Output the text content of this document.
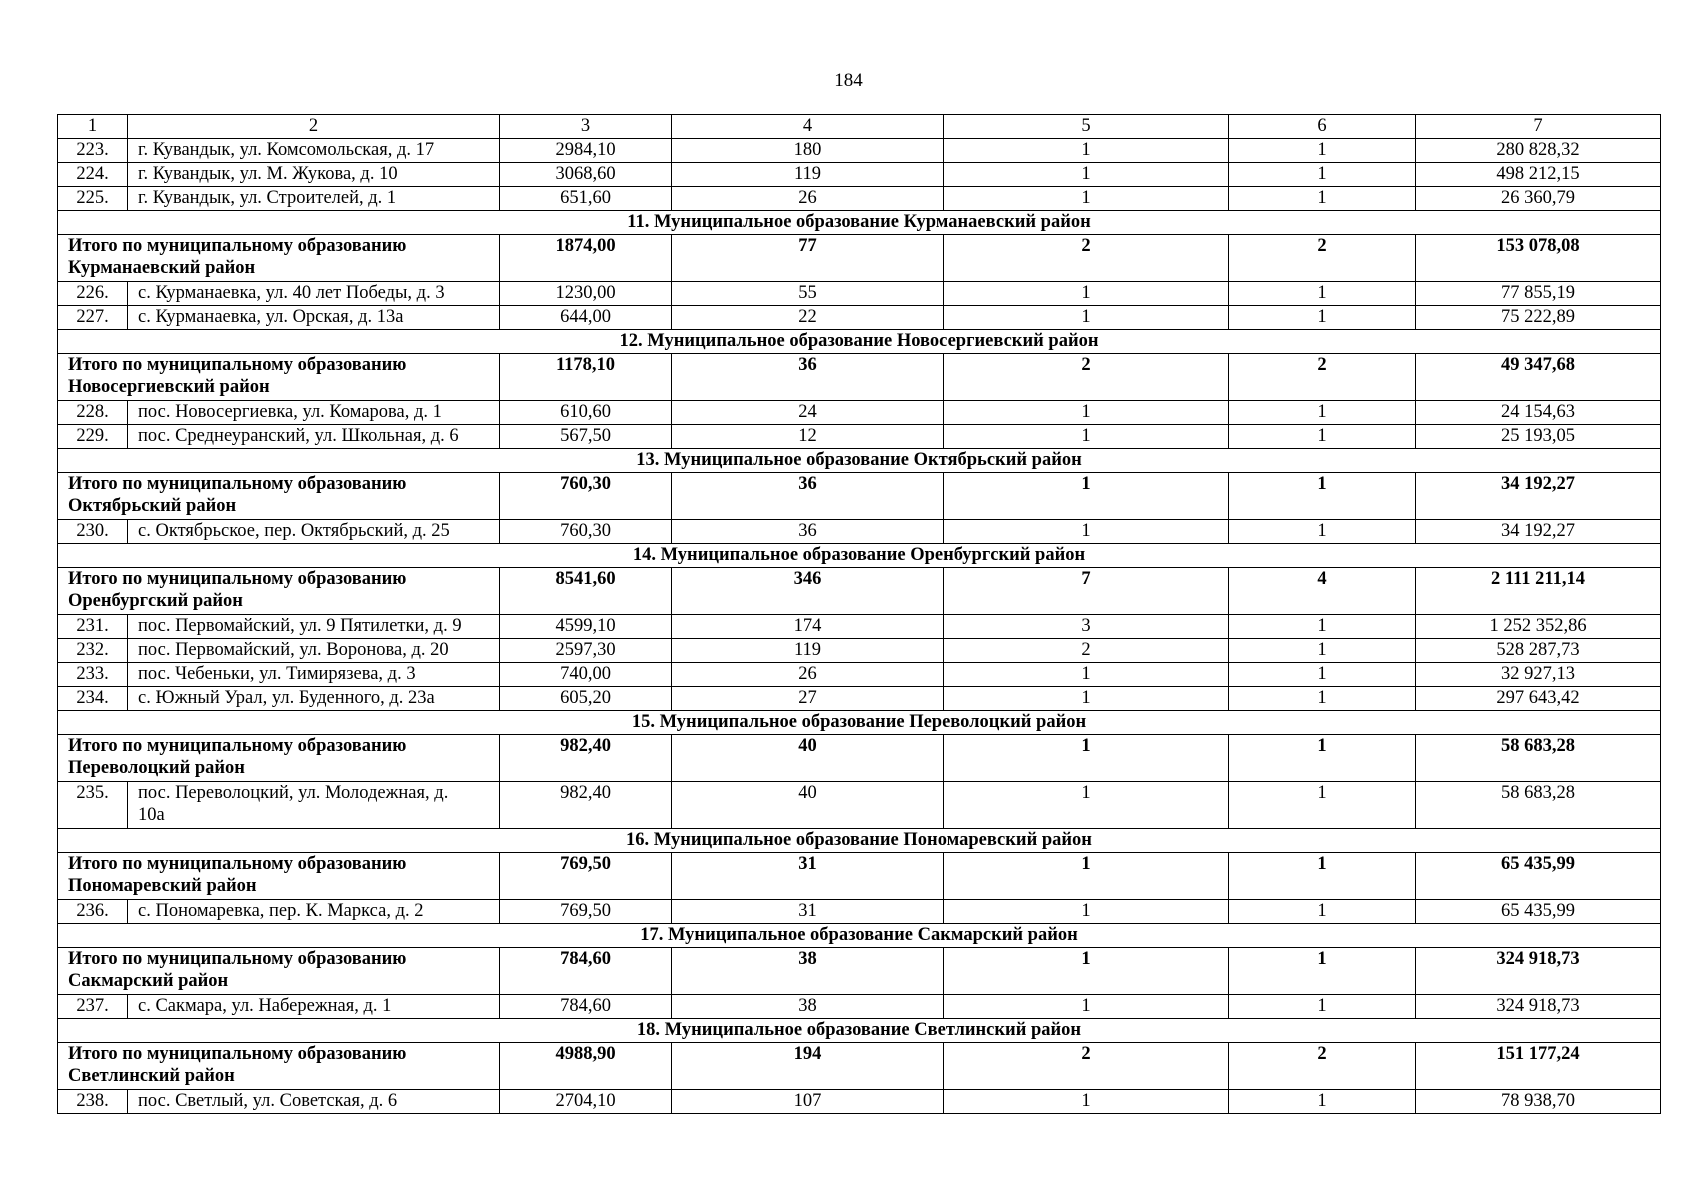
184
1	2	3	4	5	6	7
223.	г. Кувандык, ул. Комсомольская, д. 17	2984,10	180	1	1	280 828,32
224.	г. Кувандык, ул. М. Жукова, д. 10	3068,60	119	1	1	498 212,15
225.	г. Кувандык, ул. Строителей, д. 1	651,60	26	1	1	26 360,79
11. Муниципальное образование Курманаевский район						
Итого по муниципальному образованию Курманаевский район		1874,00	77	2	2	153 078,08
226.	с. Курманаевка, ул. 40 лет Победы, д. 3	1230,00	55	1	1	77 855,19
227.	с. Курманаевка, ул. Орская, д. 13а	644,00	22	1	1	75 222,89
12. Муниципальное образование Новосергиевский район						
Итого по муниципальному образованию Новосергиевский район		1178,10	36	2	2	49 347,68
228.	пос. Новосергиевка, ул. Комарова, д. 1	610,60	24	1	1	24 154,63
229.	пос. Среднеуранский, ул. Школьная, д. 6	567,50	12	1	1	25 193,05
13. Муниципальное образование Октябрьский район						
Итого по муниципальному образованию Октябрьский район		760,30	36	1	1	34 192,27
230.	с. Октябрьское, пер. Октябрьский, д. 25	760,30	36	1	1	34 192,27
14. Муниципальное образование Оренбургский район						
Итого по муниципальному образованию Оренбургский район		8541,60	346	7	4	2 111 211,14
231.	пос. Первомайский, ул. 9 Пятилетки, д. 9	4599,10	174	3	1	1 252 352,86
232.	пос. Первомайский, ул. Воронова, д. 20	2597,30	119	2	1	528 287,73
233.	пос. Чебеньки, ул. Тимирязева, д. 3	740,00	26	1	1	32 927,13
234.	с. Южный Урал, ул. Буденного, д. 23а	605,20	27	1	1	297 643,42
15. Муниципальное образование Переволоцкий район						
Итого по муниципальному образованию Переволоцкий район		982,40	40	1	1	58 683,28
235.	пос. Переволоцкий, ул. Молодежная, д. 10а	982,40	40	1	1	58 683,28
16. Муниципальное образование Пономаревский район						
Итого по муниципальному образованию Пономаревский район		769,50	31	1	1	65 435,99
236.	с. Пономаревка, пер. К. Маркса, д. 2	769,50	31	1	1	65 435,99
17. Муниципальное образование Сакмарский район						
Итого по муниципальному образованию Сакмарский район		784,60	38	1	1	324 918,73
237.	с. Сакмара, ул. Набережная, д. 1	784,60	38	1	1	324 918,73
18. Муниципальное образование Светлинский район						
Итого по муниципальному образованию Светлинский район		4988,90	194	2	2	151 177,24
238.	пос. Светлый, ул. Советская, д. 6	2704,10	107	1	1	78 938,70
